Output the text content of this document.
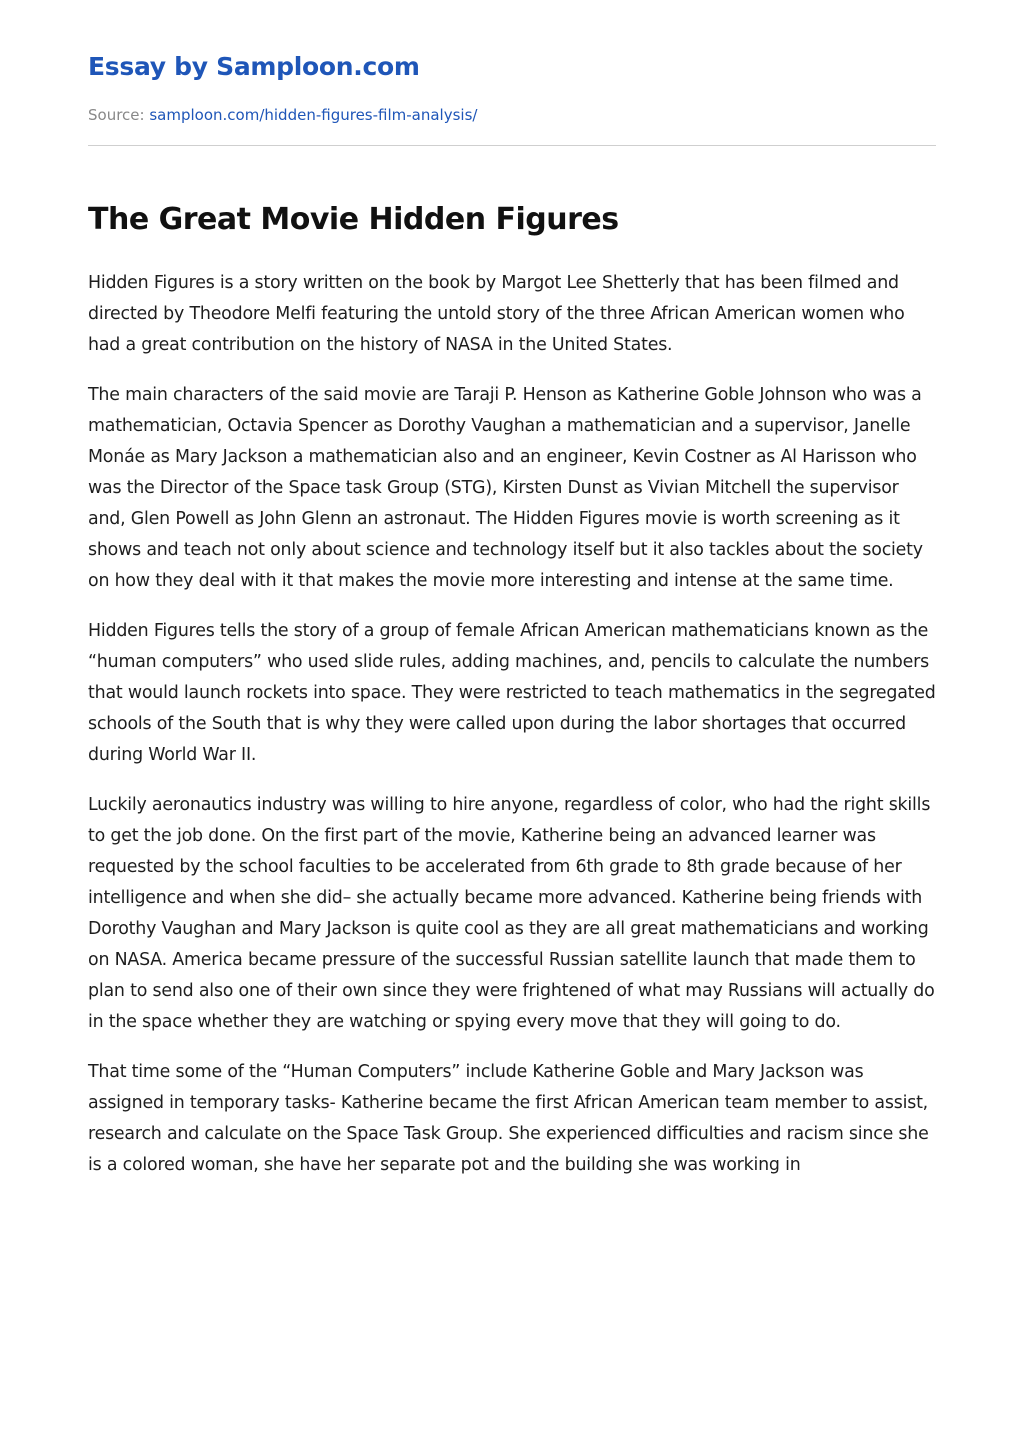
Essay by Samploon.com
Source: samploon.com/hidden-figures-film-analysis/
The Great Movie Hidden Figures

Hidden Figures is a story written on the book by Margot Lee Shetterly that has been filmed and directed by Theodore Melfi featuring the untold story of the three African American women who had a great contribution on the history of NASA in the United States.

The main characters of the said movie are Taraji P. Henson as Katherine Goble Johnson who was a mathematician, Octavia Spencer as Dorothy Vaughan a mathematician and a supervisor, Janelle Monáe as Mary Jackson a mathematician also and an engineer, Kevin Costner as Al Harisson who was the Director of the Space task Group (STG), Kirsten Dunst as Vivian Mitchell the supervisor and, Glen Powell as John Glenn an astronaut. The Hidden Figures movie is worth screening as it shows and teach not only about science and technology itself but it also tackles about the society on how they deal with it that makes the movie more interesting and intense at the same time.

Hidden Figures tells the story of a group of female African American mathematicians known as the “human computers” who used slide rules, adding machines, and, pencils to calculate the numbers that would launch rockets into space. They were restricted to teach mathematics in the segregated schools of the South that is why they were called upon during the labor shortages that occurred during World War II.

Luckily aeronautics industry was willing to hire anyone, regardless of color, who had the right skills to get the job done. On the first part of the movie, Katherine being an advanced learner was requested by the school faculties to be accelerated from 6th grade to 8th grade because of her intelligence and when she did– she actually became more advanced. Katherine being friends with Dorothy Vaughan and Mary Jackson is quite cool as they are all great mathematicians and working on NASA. America became pressure of the successful Russian satellite launch that made them to plan to send also one of their own since they were frightened of what may Russians will actually do in the space whether they are watching or spying every move that they will going to do.

That time some of the “Human Computers” include Katherine Goble and Mary Jackson was assigned in temporary tasks- Katherine became the first African American team member to assist, research and calculate on the Space Task Group. She experienced difficulties and racism since she is a colored woman, she have her separate pot and the building she was working in
